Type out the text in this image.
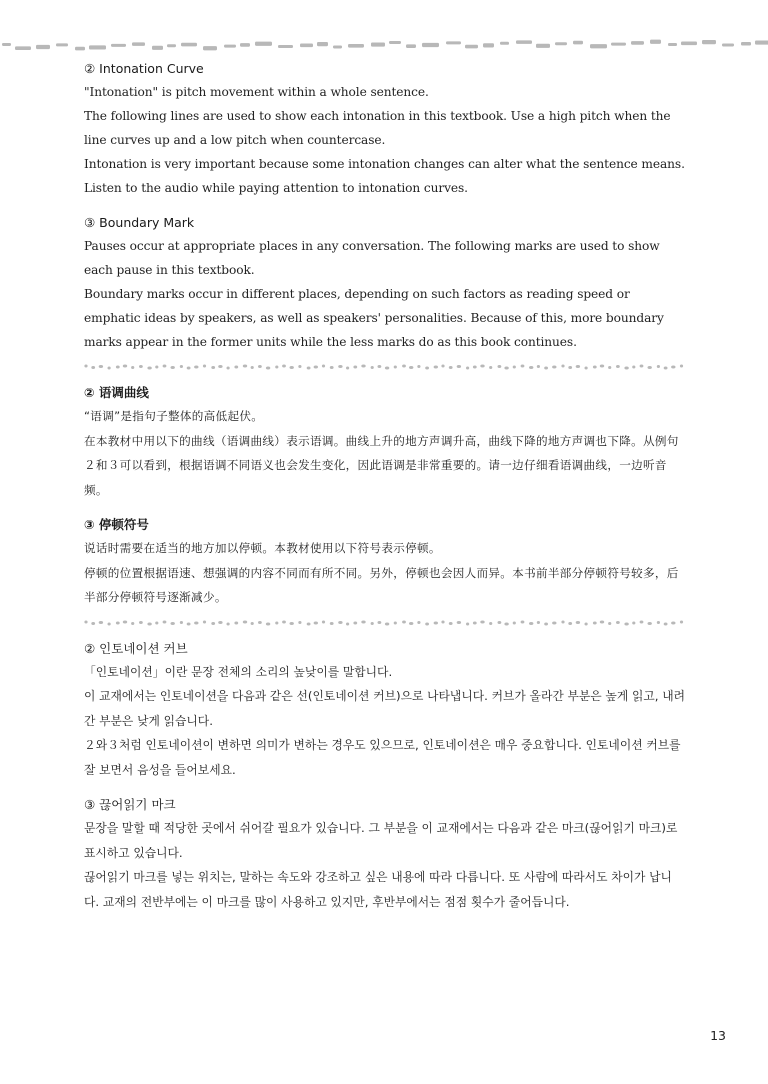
② Intonation Curve

"Intonation" is pitch movement within a whole sentence.

The following lines are used to show each intonation in this textbook. Use a high pitch when the line curves up and a low pitch when countercase.

Intonation is very important because some intonation changes can alter what the sentence means. Listen to the audio while paying attention to intonation curves.

③ Boundary Mark

Pauses occur at appropriate places in any conversation. The following marks are used to show each pause in this textbook.

Boundary marks occur in different places, depending on such factors as reading speed or emphatic ideas by speakers, as well as speakers' personalities. Because of this, more boundary marks appear in the former units while the less marks do as this book continues.

② 语调曲线

“语调”是指句子整体的高低起伏。

在本教材中用以下的曲线（语调曲线）表示语调。曲线上升的地方声调升高，曲线下降的地方声调也下降。从例句２和３可以看到，根据语调不同语义也会发生变化，因此语调是非常重要的。请一边仔细看语调曲线，一边听音频。

③ 停顿符号

说话时需要在适当的地方加以停顿。本教材使用以下符号表示停顿。

停顿的位置根据语速、想强调的内容不同而有所不同。另外，停顿也会因人而异。本书前半部分停顿符号较多，后半部分停顿符号逐渐减少。

② 인토네이션 커브

「인토네이션」이란 문장 전체의 소리의 높낮이를 말합니다.

이 교재에서는 인토네이션을 다음과 같은 선(인토네이션 커브)으로 나타냅니다. 커브가 올라간 부분은 높게 읽고, 내려간 부분은 낮게 읽습니다.

２와３처럼 인토네이션이 변하면 의미가 변하는 경우도 있으므로, 인토네이션은 매우 중요합니다. 인토네이션 커브를 잘 보면서 음성을 들어보세요.

③ 끊어읽기 마크

문장을 말할 때 적당한 곳에서 쉬어갈 필요가 있습니다. 그 부분을 이 교재에서는 다음과 같은 마크(끊어읽기 마크)로 표시하고 있습니다.

끊어읽기 마크를 넣는 위치는, 말하는 속도와 강조하고 싶은 내용에 따라 다릅니다. 또 사람에 따라서도 차이가 납니다. 교재의 전반부에는 이 마크를 많이 사용하고 있지만, 후반부에서는 점점 횟수가 줄어듭니다.

13
